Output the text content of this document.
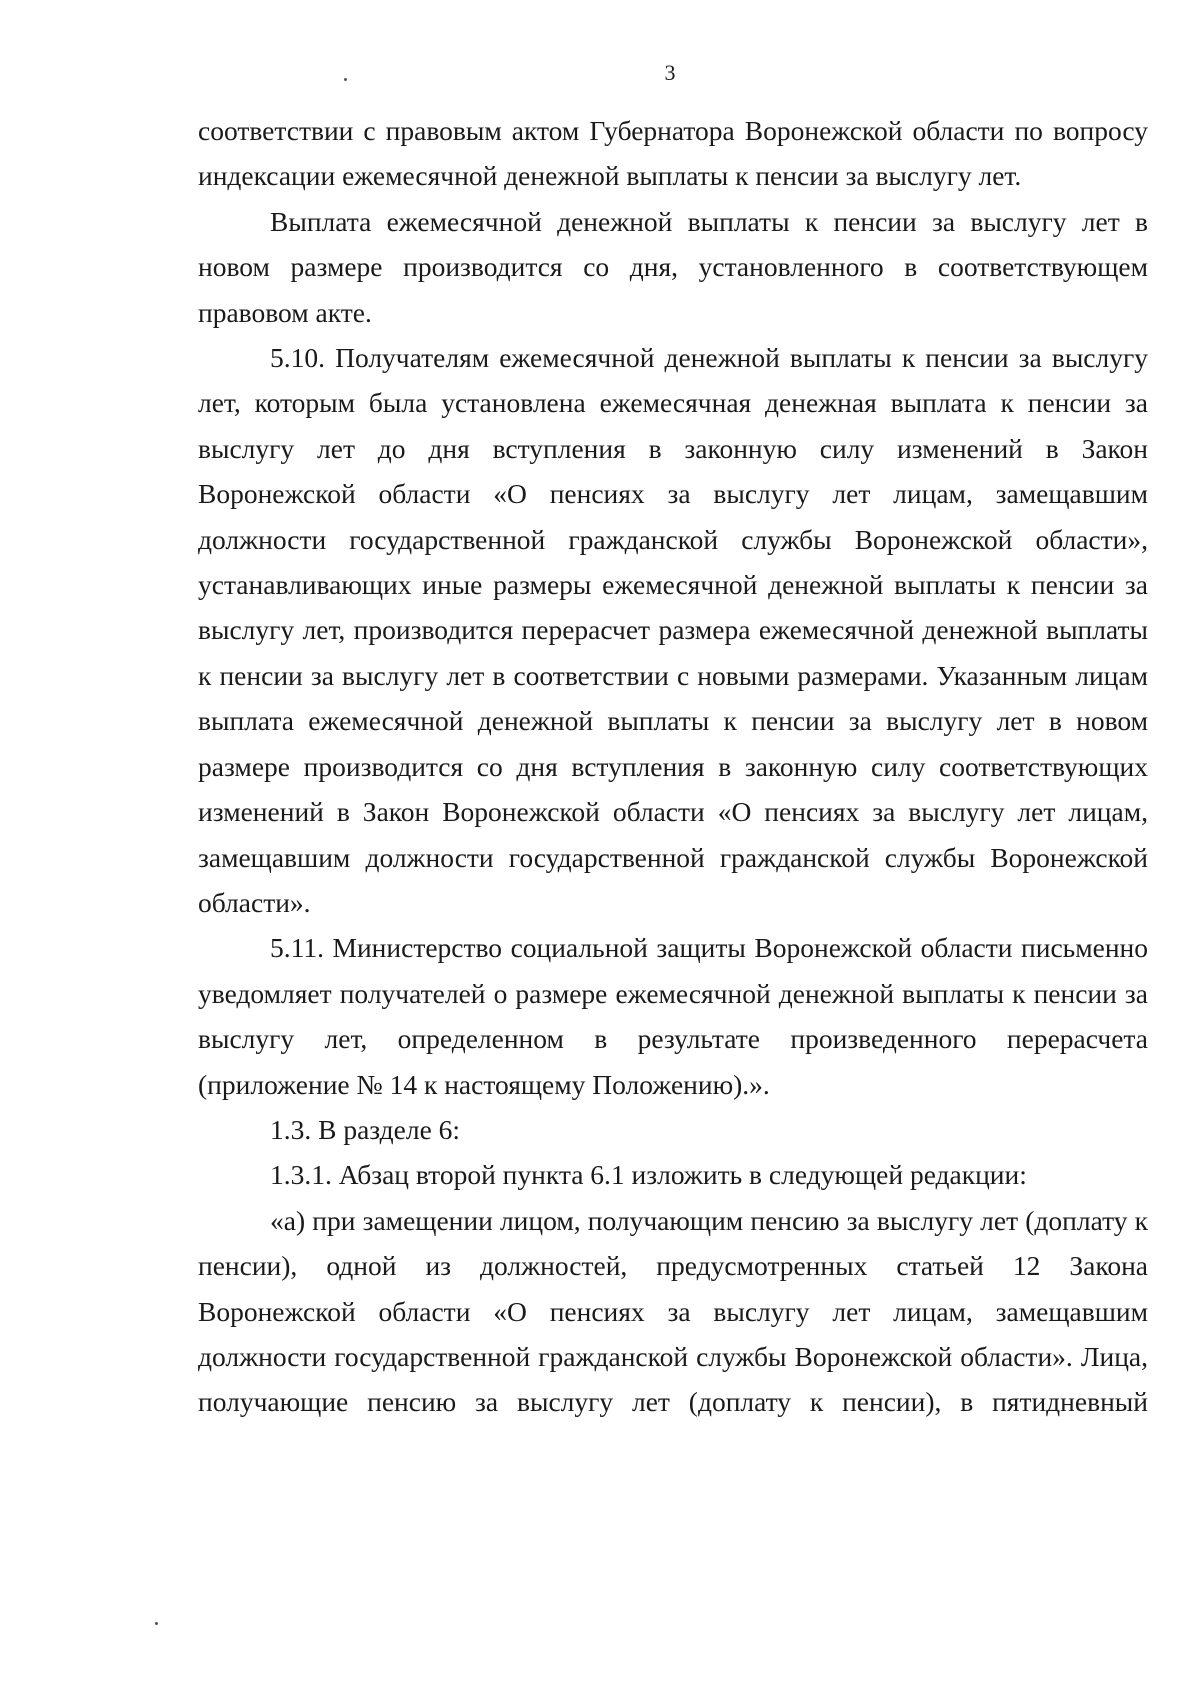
3

соответствии с правовым актом Губернатора Воронежской области по вопросу индексации ежемесячной денежной выплаты к пенсии за выслугу лет.

Выплата ежемесячной денежной выплаты к пенсии за выслугу лет в новом размере производится со дня, установленного в соответствующем правовом акте.

5.10. Получателям ежемесячной денежной выплаты к пенсии за выслугу лет, которым была установлена ежемесячная денежная выплата к пенсии за выслугу лет до дня вступления в законную силу изменений в Закон Воронежской области «О пенсиях за выслугу лет лицам, замещавшим должности государственной гражданской службы Воронежской области», устанавливающих иные размеры ежемесячной денежной выплаты к пенсии за выслугу лет, производится перерасчет размера ежемесячной денежной выплаты к пенсии за выслугу лет в соответствии с новыми размерами. Указанным лицам выплата ежемесячной денежной выплаты к пенсии за выслугу лет в новом размере производится со дня вступления в законную силу соответствующих изменений в Закон Воронежской области «О пенсиях за выслугу лет лицам, замещавшим должности государственной гражданской службы Воронежской области».

5.11. Министерство социальной защиты Воронежской области письменно уведомляет получателей о размере ежемесячной денежной выплаты к пенсии за выслугу лет, определенном в результате произведенного перерасчета (приложение № 14 к настоящему Положению).».

1.3. В разделе 6:

1.3.1. Абзац второй пункта 6.1 изложить в следующей редакции:

«а) при замещении лицом, получающим пенсию за выслугу лет (доплату к пенсии), одной из должностей, предусмотренных статьей 12 Закона Воронежской области «О пенсиях за выслугу лет лицам, замещавшим должности государственной гражданской службы Воронежской области». Лица, получающие пенсию за выслугу лет (доплату к пенсии), в пятидневный
